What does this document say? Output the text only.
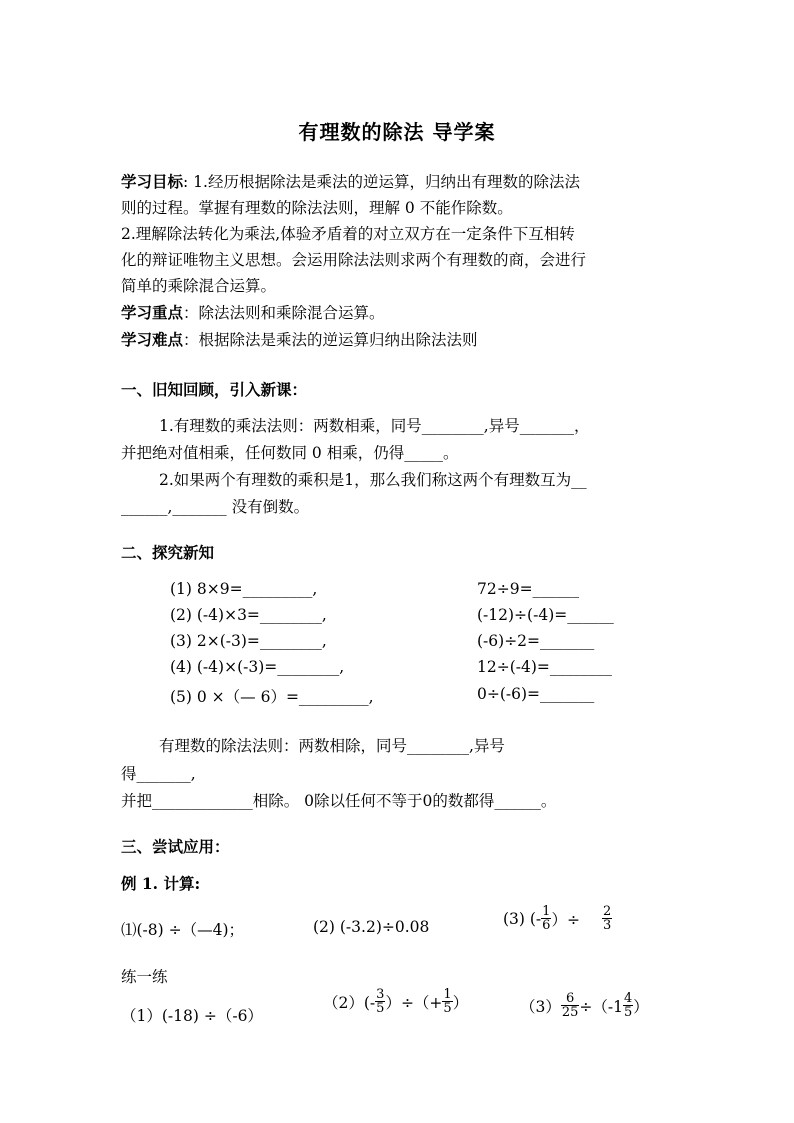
有理数的除法 导学案
学习目标: 1.经历根据除法是乘法的逆运算，归纳出有理数的除法法
则的过程。掌握有理数的除法法则，理解 0 不能作除数。
2.理解除法转化为乘法,体验矛盾着的对立双方在一定条件下互相转
化的辩证唯物主义思想。会运用除法法则求两个有理数的商，会进行
简单的乘除混合运算。
学习重点：除法法则和乘除混合运算。
学习难点：根据除法是乘法的逆运算归纳出除法法则
一、旧知回顾，引入新课：
1.有理数的乘法法则：两数相乘，同号________,异号_______，
并把绝对值相乘，任何数同 0 相乘，仍得_____。
2.如果两个有理数的乘积是1，那么我们称这两个有理数互为__
______,_______ 没有倒数。
二、探究新知
(1) 8×9=_________,	72÷9=______
(2) (-4)×3=________,	(-12)÷(-4)=______
(3) 2×(-3)=________,	(-6)÷2=_______
(4) (-4)×(-3)=________,	12÷(-4)=________
(5) 0 ×（— 6）=_________,	0÷(-6)=_______
有理数的除法法则：两数相除，同号________,异号
得_______,
并把_____________相除。 0除以任何不等于0的数都得______。
三、尝试应用：
例 1. 计算:
⑴(-8) ÷（—4)；	(2) (-3.2)÷0.08	(3) (- $\frac{1}{6}$ ）÷ $\frac{2}{3}$
练一练
（1）(-18) ÷（-6）
$(2)(- \frac{3}{5}$ ）÷（+ $\frac{1}{5}$ ）	$(3) \frac{6}{25} \div(-1 \frac{4}{5}$ ）
